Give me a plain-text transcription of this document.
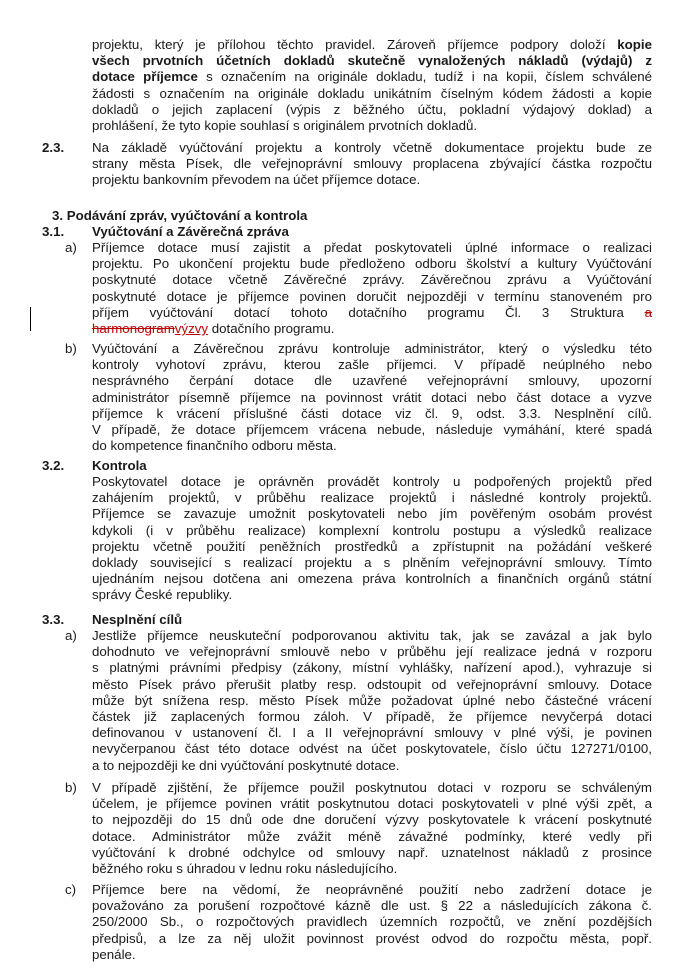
projektu, který je přílohou těchto pravidel. Zároveň příjemce podpory doloží kopie
všech prvotních účetních dokladů skutečně vynaložených nákladů (výdajů) z
dotace příjemce s označením na originále dokladu, tudíž i na kopii, číslem schválené
žádosti s označením na originále dokladu unikátním číselným kódem žádosti a kopie
dokladů o jejich zaplacení (výpis z běžného účtu, pokladní výdajový doklad) a
prohlášení, že tyto kopie souhlasí s originálem prvotních dokladů.
2.3. Na základě vyúčtování projektu a kontroly včetně dokumentace projektu bude ze
strany města Písek, dle veřejnoprávní smlouvy proplacena zbývající částka rozpočtu
projektu bankovním převodem na účet příjemce dotace.
3. Podávání zpráv, vyúčtování a kontrola
3.1. Vyúčtování a Závěrečná zpráva
a) Příjemce dotace musí zajistit a předat poskytovateli úplné informace o realizaci
projektu. Po ukončení projektu bude předloženo odboru školství a kultury Vyúčtování
poskytnuté dotace včetně Závěrečné zprávy. Závěrečnou zprávu a Vyúčtování
poskytnuté dotace je příjemce povinen doručit nejpozději v termínu stanoveném pro
příjem vyúčtování dotací tohoto dotačního programu Čl. 3 Struktura a
harmonogramvýzvy dotačního programu.
b) Vyúčtování a Závěrečnou zprávu kontroluje administrátor, který o výsledku této
kontroly vyhotoví zprávu, kterou zašle příjemci. V případě neúplného nebo
nesprávného čerpání dotace dle uzavřené veřejnoprávní smlouvy, upozorní
administrátor písemně příjemce na povinnost vrátit dotaci nebo část dotace a vyzve
příjemce k vrácení příslušné části dotace viz čl. 9, odst. 3.3. Nesplnění cílů.
V případě, že dotace příjemcem vrácena nebude, následuje vymáhání, které spadá
do kompetence finančního odboru města.
3.2. Kontrola
Poskytovatel dotace je oprávněn provádět kontroly u podpořených projektů před
zahájením projektů, v průběhu realizace projektů i následné kontroly projektů.
Příjemce se zavazuje umožnit poskytovateli nebo jím pověřeným osobám provést
kdykoli (i v průběhu realizace) komplexní kontrolu postupu a výsledků realizace
projektu včetně použití peněžních prostředků a zpřístupnit na požádání veškeré
doklady související s realizací projektu a s plněním veřejnoprávní smlouvy. Tímto
ujednáním nejsou dotčena ani omezena práva kontrolních a finančních orgánů státní
správy České republiky.
3.3. Nesplnění cílů
a) Jestliže příjemce neuskuteční podporovanou aktivitu tak, jak se zavázal a jak bylo
dohodnuto ve veřejnoprávní smlouvě nebo v průběhu její realizace jedná v rozporu
s platnými právními předpisy (zákony, místní vyhlášky, nařízení apod.), vyhrazuje si
město Písek právo přerušit platby resp. odstoupit od veřejnoprávní smlouvy. Dotace
může být snížena resp. město Písek může požadovat úplné nebo částečné vrácení
částek již zaplacených formou záloh. V případě, že příjemce nevyčerpá dotaci
definovanou v ustanovení čl. I a II veřejnoprávní smlouvy v plné výši, je povinen
nevyčerpanou část této dotace odvést na účet poskytovatele, číslo účtu 127271/0100,
a to nejpozději ke dni vyúčtování poskytnuté dotace.
b) V případě zjištění, že příjemce použil poskytnutou dotaci v rozporu se schváleným
účelem, je příjemce povinen vrátit poskytnutou dotaci poskytovateli v plné výši zpět, a
to nejpozději do 15 dnů ode dne doručení výzvy poskytovatele k vrácení poskytnuté
dotace. Administrátor může zvážit méně závažné podmínky, které vedly při
vyúčtování k drobné odchylce od smlouvy např. uznatelnost nákladů z prosince
běžného roku s úhradou v lednu roku následujícího.
c) Příjemce bere na vědomí, že neoprávněné použití nebo zadržení dotace je
považováno za porušení rozpočtové kázně dle ust. § 22 a následujících zákona č.
250/2000 Sb., o rozpočtových pravidlech územních rozpočtů, ve znění pozdějších
předpisů, a lze za něj uložit povinnost provést odvod do rozpočtu města, popř.
penále.
